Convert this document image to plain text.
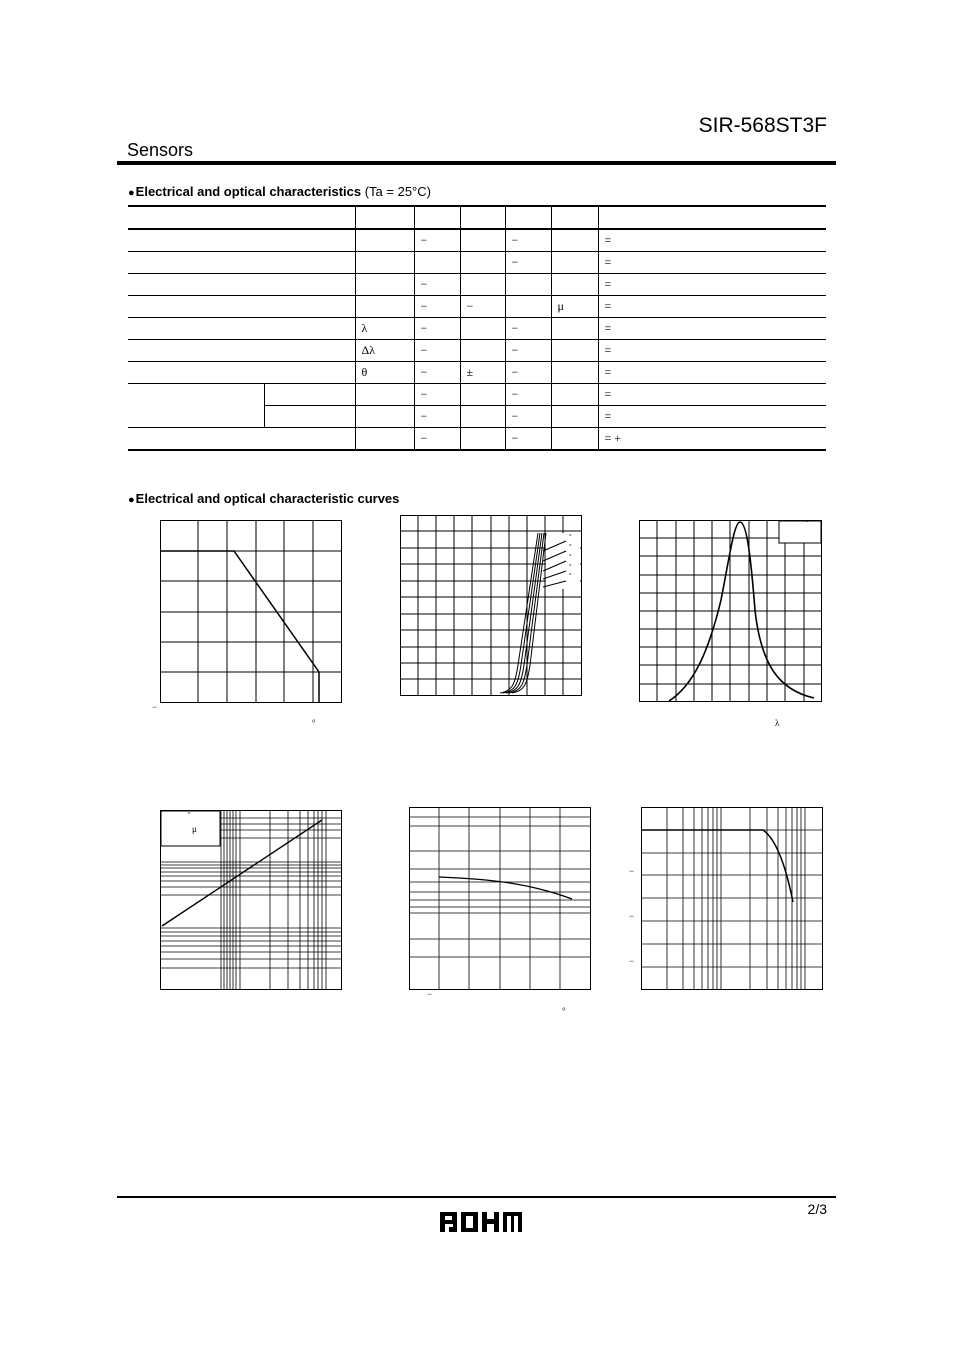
SIR-568ST3F
Sensors
●Electrical and optical characteristics (Ta = 25°C)

			−		−		=
					−		=
			−				=
			−	−		μ	=
		λ	−		−		=
		Δλ	−		−		=
		θ	−	±	−		=
			−		−		=
			−		−		=
			−		−		= +
●Electrical and optical characteristic curves
−
°
°
°
°
°
°
°
λ
°
μ
−
°
−
−
−
2/3
